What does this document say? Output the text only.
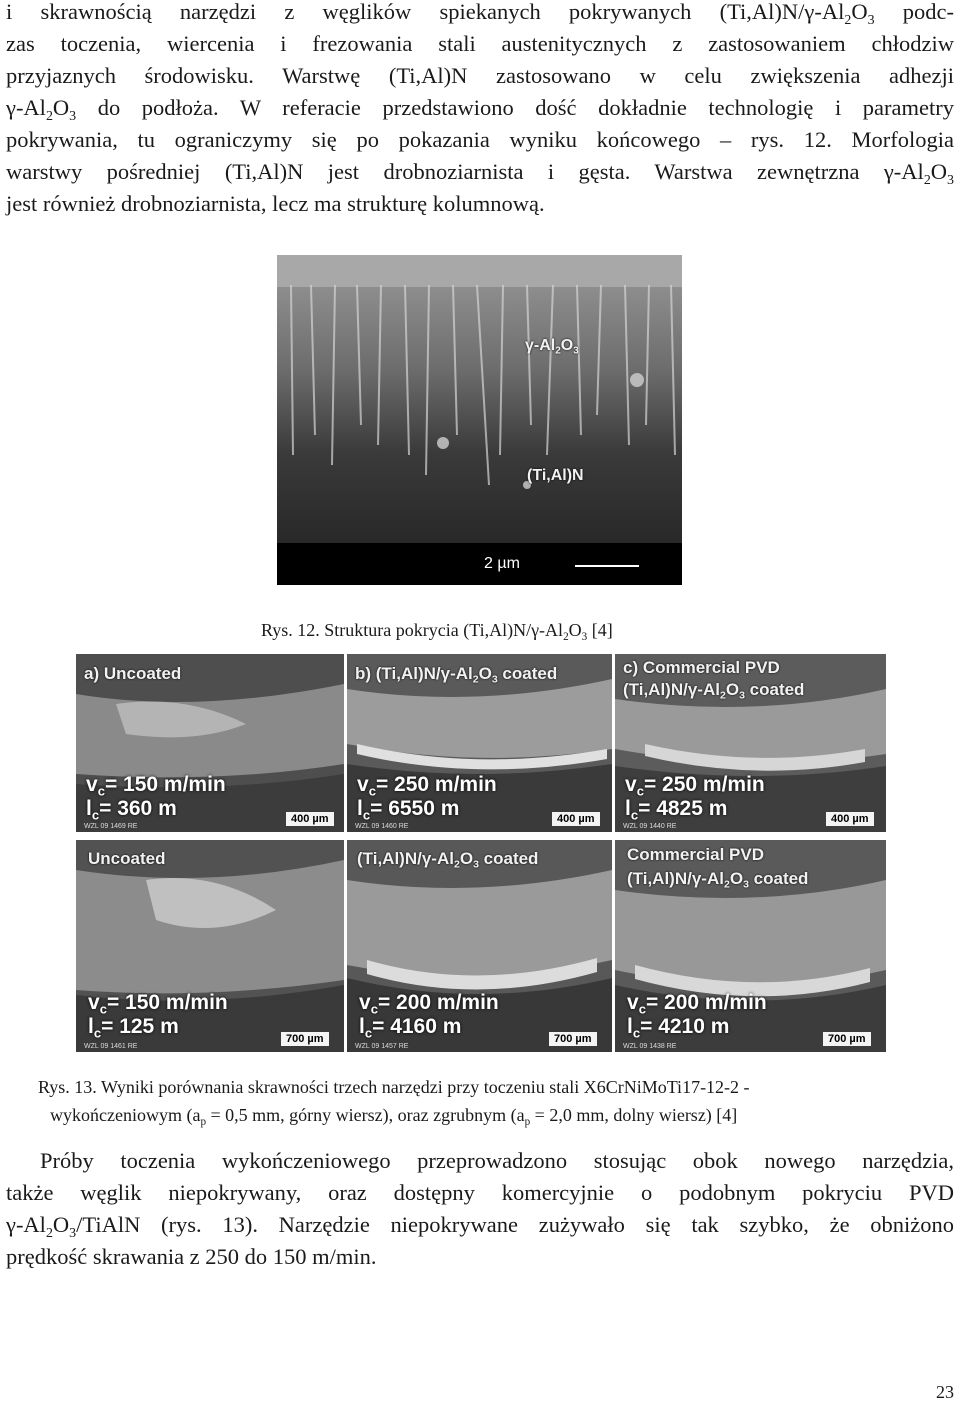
i skrawnością narzędzi z węglików spiekanych pokrywanych $(Ti,Al)N/\gamma-Al_2O_3$ podc-
zas toczenia, wiercenia i frezowania stali austenitycznych z zastosowaniem chłodziw
przyjaznych środowisku. Warstwę (Ti,Al)N zastosowano w celu zwiększenia adhezji
$\gamma-Al_2O_3$ do podłoża. W referacie przedstawiono dość dokładnie technologię i parametry
pokrywania, tu ograniczymy się po pokazania wyniku końcowego – rys. 12. Morfologia
warstwy pośredniej (Ti,Al)N jest drobnoziarnista i gęsta. Warstwa zewnętrzna $\gamma-Al_2O_3$
jest również drobnoziarnista, lecz ma strukturę kolumnową.
$\gamma-Al_2O_3$
(Ti,Al)N
2 µm
Rys. 12. Struktura pokrycia $(Ti,Al)N/\gamma-Al_2O_3$ [4]
a) Uncoated
$v_c= 150$ m/min
$l_c= 360$ m	400 µm
WZL 09 1469 RE
b) $(Ti,Al)N/\gamma-Al_2O_3$ coated
$v_c= 250$ m/min
$l_c= 6550$ m	400 µm
WZL 09 1460 RE
c) Commercial PVD
$(Ti,Al)N/\gamma-Al_2O_3$ coated
$v_c= 250$ m/min
$l_c= 4825$ m	400 µm
WZL 09 1440 RE
Uncoated
$v_c= 150$ m/min
$l_c= 125$ m
700 µm
WZL 09 1461 RE
$(Ti,Al)N/\gamma-Al_2O_3$ coated
$v_c= 200$ m/min
$l_c= 4160$ m
700 µm
WZL 09 1457 RE
Commercial PVD
$(Ti,Al)N/\gamma-Al_2O_3$ coated
$v_c= 200$ m/min
$l_c= 4210$ m
700 µm
WZL 09 1438 RE
Rys. 13. Wyniki porównania skrawności trzech narzędzi przy toczeniu stali X6CrNiMoTi17-12-2 -
wykończeniowym ($a_p = 0,5$ mm, górny wiersz), oraz zgrubnym ($a_p = 2,0$ mm, dolny wiersz) [4]
Próby toczenia wykończeniowego przeprowadzono stosując obok nowego narzędzia,
także węglik niepokrywany, oraz dostępny komercyjnie o podobnym pokryciu PVD
$\gamma-Al_2O_3$/TiAlN (rys. 13). Narzędzie niepokrywane zużywało się tak szybko, że obniżono
prędkość skrawania z 250 do 150 m/min.
23
